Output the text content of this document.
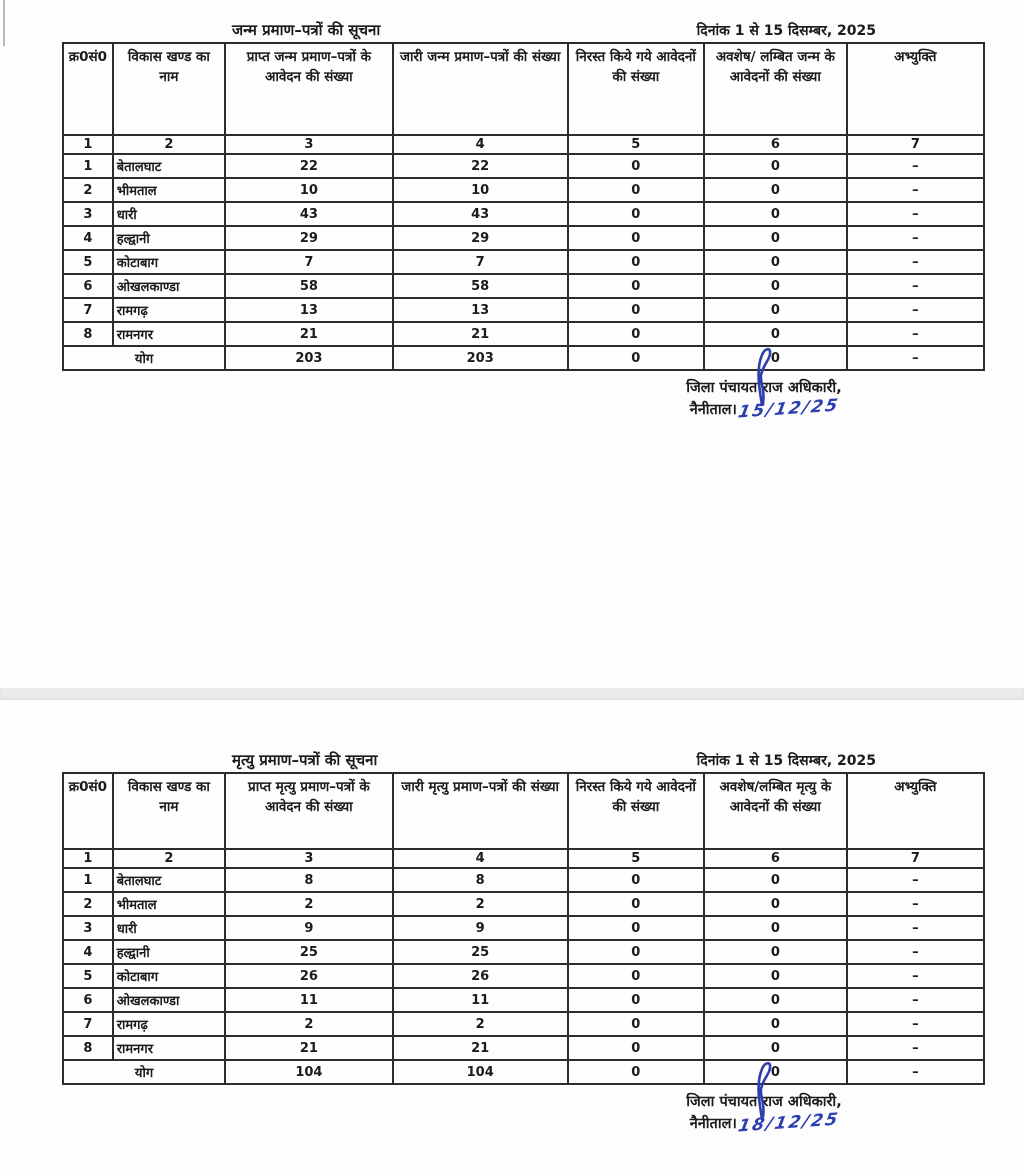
जन्म प्रमाण–पत्रों की सूचना	दिनांक 1 से 15 दिसम्बर, 2025
क्र0सं0	विकास खण्ड का नाम	प्राप्त जन्म प्रमाण–पत्रों के आवेदन की संख्या	जारी जन्म प्रमाण–पत्रों की संख्या	निरस्त किये गये आवेदनों की संख्या	अवशेष/ लम्बित जन्म के आवेदनों की संख्या	अभ्युक्ति
1	2	3	4	5	6	7
1	बेतालघाट	22	22	0	0	–
2	भीमताल	10	10	0	0	–
3	धारी	43	43	0	0	–
4	हल्द्वानी	29	29	0	0	–
5	कोटाबाग	7	7	0	0	–
6	ओखलकाण्डा	58	58	0	0	–
7	रामगढ़	13	13	0	0	–
8	रामनगर	21	21	0	0	–
योग		203	203	0	0	–
जिला पंचायत राज अधिकारी,
नैनीताल।15/12/25
मृत्यु प्रमाण–पत्रों की सूचना	दिनांक 1 से 15 दिसम्बर, 2025
क्र0सं0	विकास खण्ड का नाम	प्राप्त मृत्यु प्रमाण–पत्रों के आवेदन की संख्या	जारी मृत्यु प्रमाण–पत्रों की संख्या	निरस्त किये गये आवेदनों की संख्या	अवशेष/लम्बित मृत्यु के आवेदनों की संख्या	अभ्युक्ति
1	2	3	4	5	6	7
1	बेतालघाट	8	8	0	0	–
2	भीमताल	2	2	0	0	–
3	धारी	9	9	0	0	–
4	हल्द्वानी	25	25	0	0	–
5	कोटाबाग	26	26	0	0	–
6	ओखलकाण्डा	11	11	0	0	–
7	रामगढ़	2	2	0	0	–
8	रामनगर	21	21	0	0	–
योग		104	104	0	0	–
जिला पंचायत राज अधिकारी,
नैनीताल।18/12/25
